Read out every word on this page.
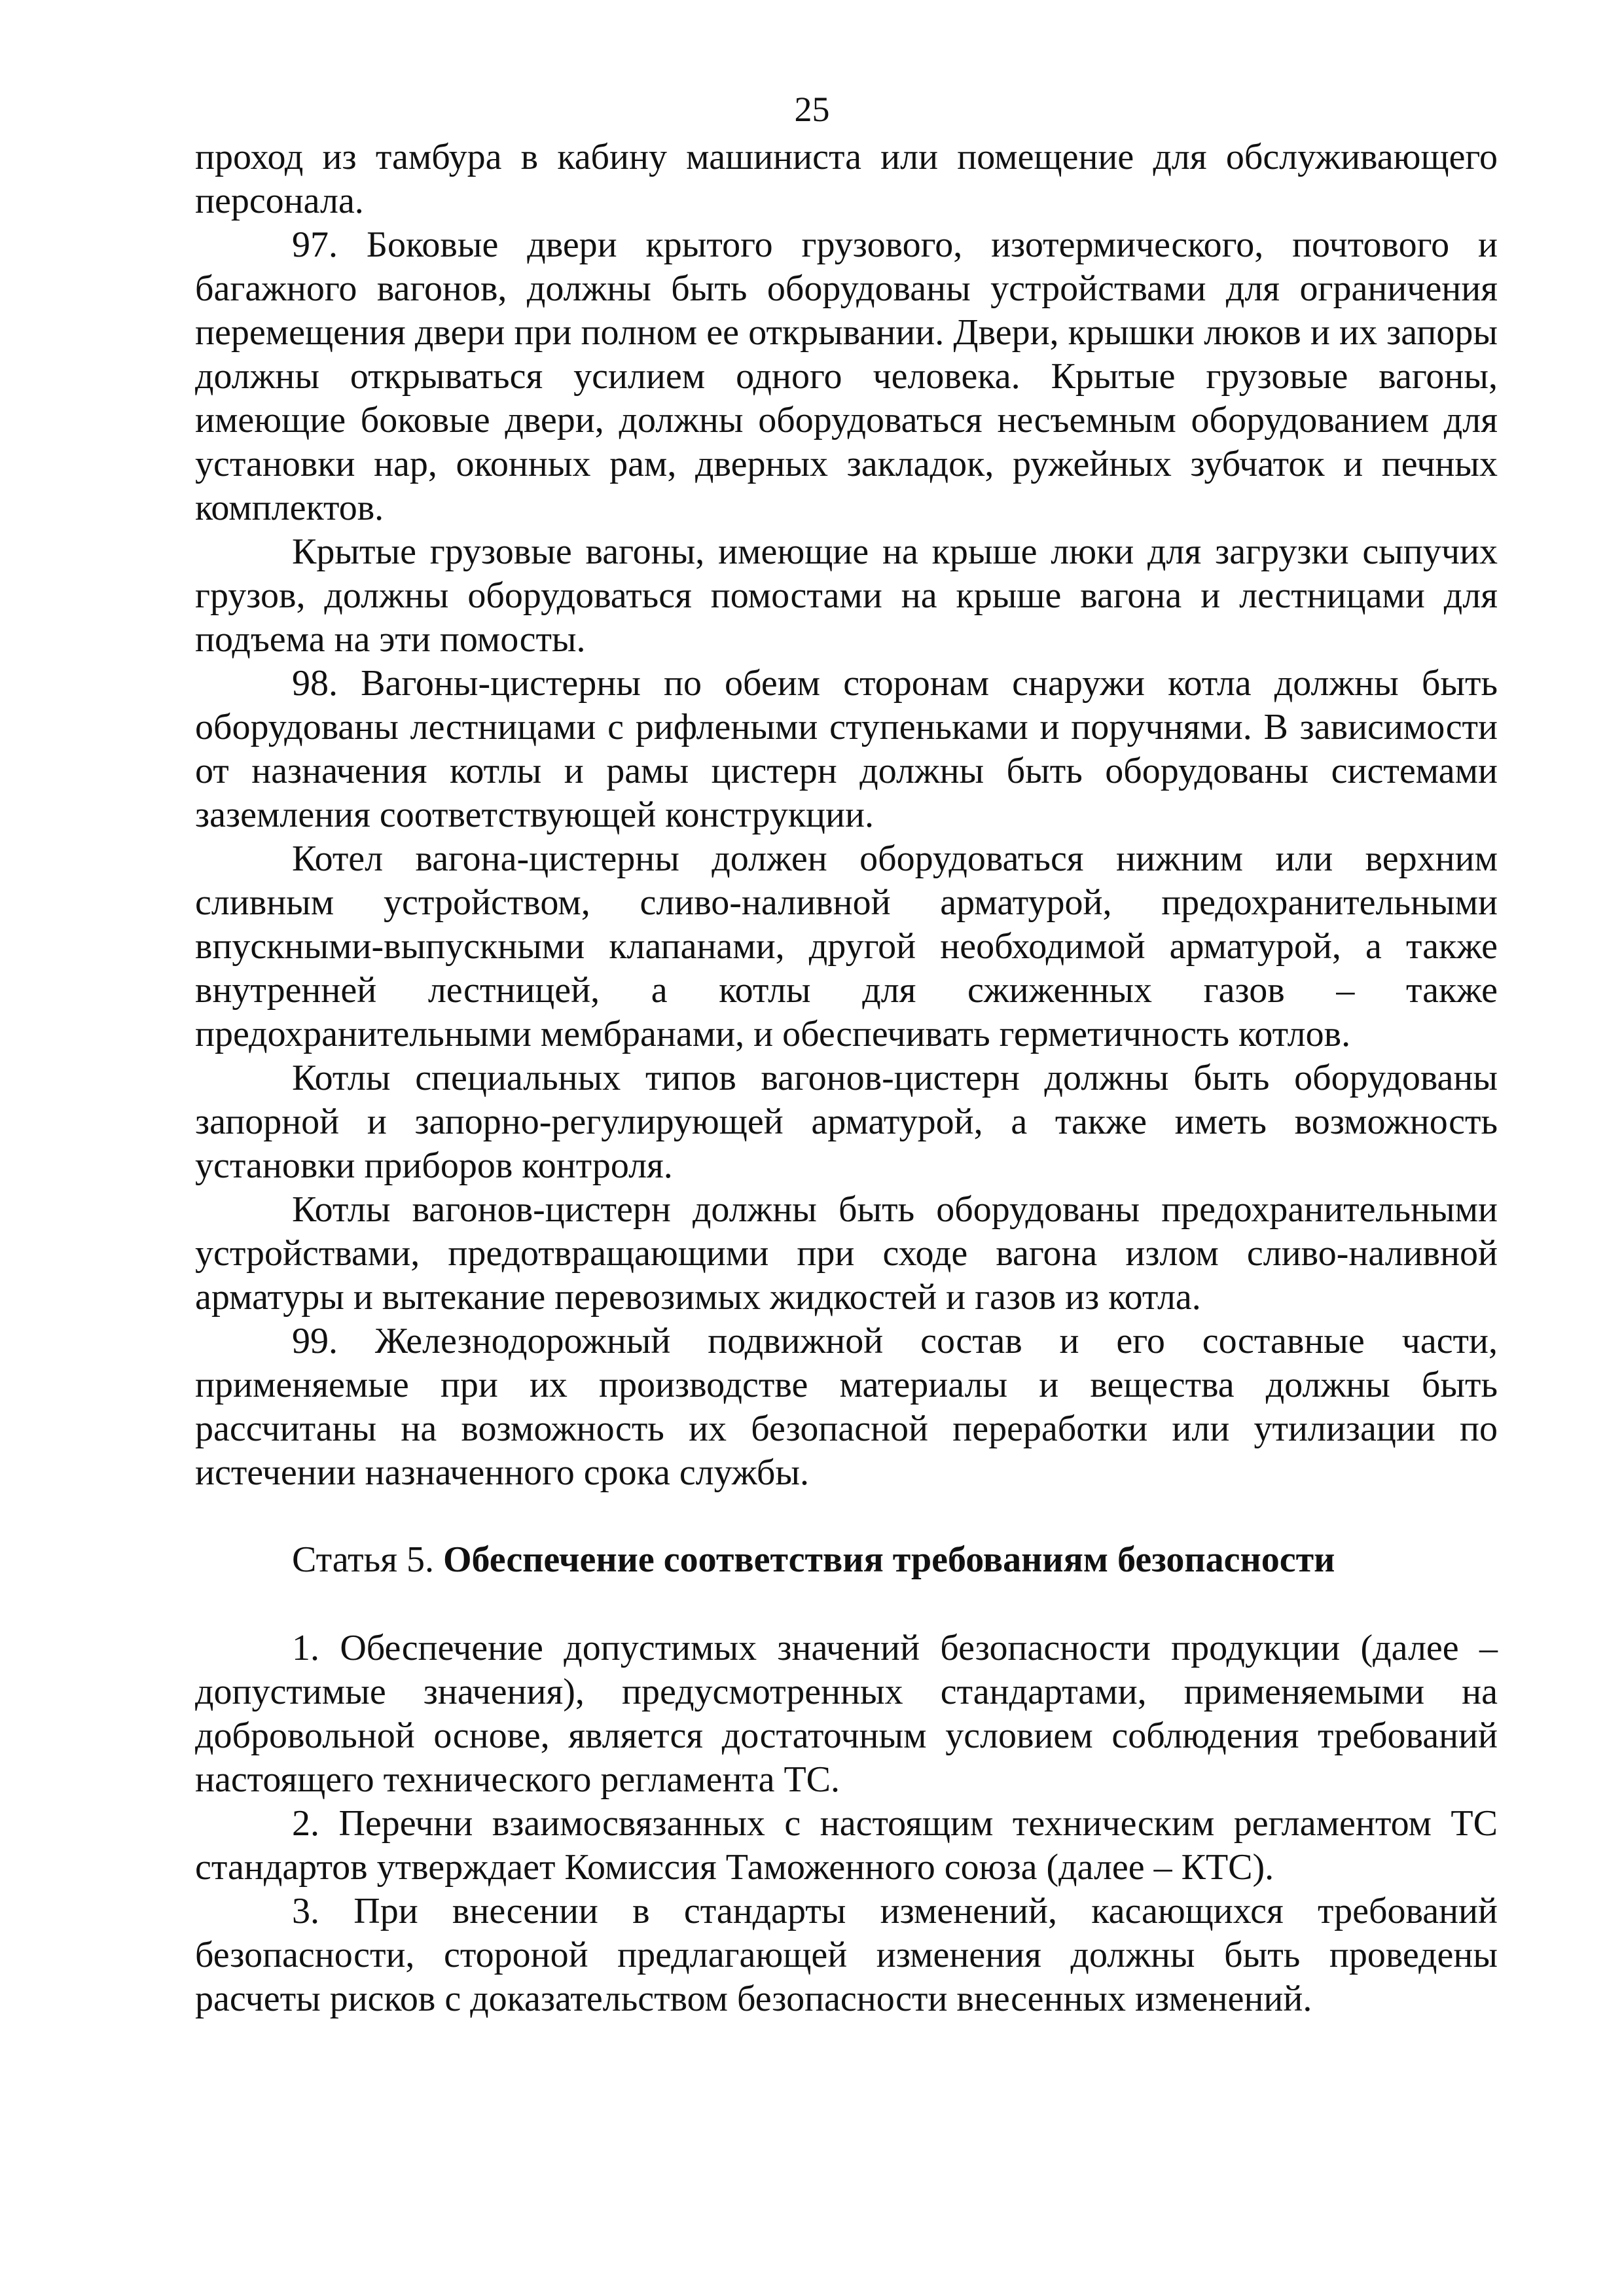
25

проход из тамбура в кабину машиниста или помещение для обслуживающего персонала.

97. Боковые двери крытого грузового, изотермического, почтового и багажного вагонов, должны быть оборудованы устройствами для ограничения перемещения двери при полном ее открывании. Двери, крышки люков и их запоры должны открываться усилием одного человека. Крытые грузовые вагоны, имеющие боковые двери, должны оборудоваться несъемным оборудованием для установки нар, оконных рам, дверных закладок, ружейных зубчаток и печных комплектов.

Крытые грузовые вагоны, имеющие на крыше люки для загрузки сыпучих грузов, должны оборудоваться помостами на крыше вагона и лестницами для подъема на эти помосты.

98. Вагоны-цистерны по обеим сторонам снаружи котла должны быть оборудованы лестницами с рифлеными ступеньками и поручнями. В зависимости от назначения котлы и рамы цистерн должны быть оборудованы системами заземления соответствующей конструкции.

Котел вагона-цистерны должен оборудоваться нижним или верхним сливным устройством, сливо-наливной арматурой, предохранительными впускными-выпускными клапанами, другой необходимой арматурой, а также внутренней лестницей, а котлы для сжиженных газов – также предохранительными мембранами, и обеспечивать герметичность котлов.

Котлы специальных типов вагонов-цистерн должны быть оборудованы запорной и запорно-регулирующей арматурой, а также иметь возможность установки приборов контроля.

Котлы вагонов-цистерн должны быть оборудованы предохранительными устройствами, предотвращающими при сходе вагона излом сливо-наливной арматуры и вытекание перевозимых жидкостей и газов из котла.

99. Железнодорожный подвижной состав и его составные части, применяемые при их производстве материалы и вещества должны быть рассчитаны на возможность их безопасной переработки или утилизации по истечении назначенного срока службы.

Статья 5. Обеспечение соответствия требованиям безопасности

1. Обеспечение допустимых значений безопасности продукции (далее – допустимые значения), предусмотренных стандартами, применяемыми на добровольной основе, является достаточным условием соблюдения требований настоящего технического регламента ТС.

2. Перечни взаимосвязанных с настоящим техническим регламентом ТС стандартов утверждает Комиссия Таможенного союза (далее – КТС).

3. При внесении в стандарты изменений, касающихся требований безопасности, стороной предлагающей изменения должны быть проведены расчеты рисков с доказательством безопасности внесенных изменений.
